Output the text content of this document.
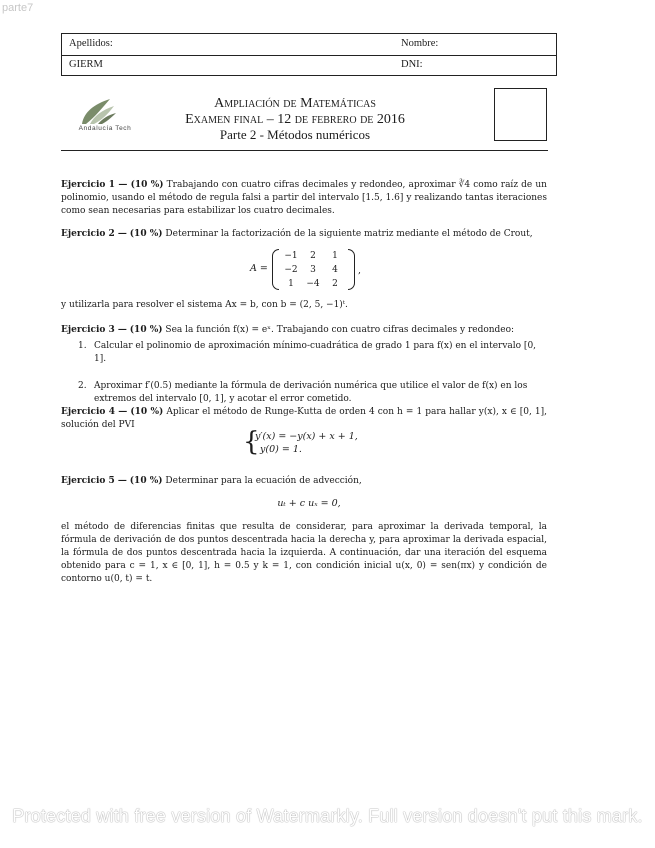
parte7
Apellidos:	Nombre:
GIERM	DNI:
Andalucía Tech
Ampliación de Matemáticas
Examen final – 12 de febrero de 2016
Parte 2 - Métodos numéricos
Ejercicio 1 — (10 %) Trabajando con cuatro cifras decimales y redondeo, aproximar ∛4 como raíz de un polinomio, usando el método de regula falsi a partir del intervalo [1.5, 1.6] y realizando tantas iteraciones como sean necesarias para estabilizar los cuatro decimales.
Ejercicio 2 — (10 %) Determinar la factorización de la siguiente matriz mediante el método de Crout,
A =
−1	2	1
−2	3	4
1	−4	2
,
y utilizarla para resolver el sistema Ax = b, con b = (2, 5, −1)ᵗ.
Ejercicio 3 — (10 %) Sea la función f(x) = eˣ. Trabajando con cuatro cifras decimales y redondeo:
1. Calcular el polinomio de aproximación mínimo-cuadrática de grado 1 para f(x) en el intervalo [0, 1].
2. Aproximar f′(0.5) mediante la fórmula de derivación numérica que utilice el valor de f(x) en los extremos del intervalo [0, 1], y acotar el error cometido.
Ejercicio 4 — (10 %) Aplicar el método de Runge-Kutta de orden 4 con h = 1 para hallar y(x), x ∈ [0, 1], solución del PVI
{
y′(x) = −y(x) + x + 1,
y(0) = 1.
Ejercicio 5 — (10 %) Determinar para la ecuación de advección,
uₜ + c uₓ = 0,
el método de diferencias finitas que resulta de considerar, para aproximar la derivada temporal, la fórmula de derivación de dos puntos descentrada hacia la derecha y, para aproximar la derivada espacial, la fórmula de dos puntos descentrada hacia la izquierda. A continuación, dar una iteración del esquema obtenido para c = 1, x ∈ [0, 1], h = 0.5 y k = 1, con condición inicial u(x, 0) = sen(πx) y condición de contorno u(0, t) = t.
Protected with free version of Watermarkly. Full version doesn't put this mark.
